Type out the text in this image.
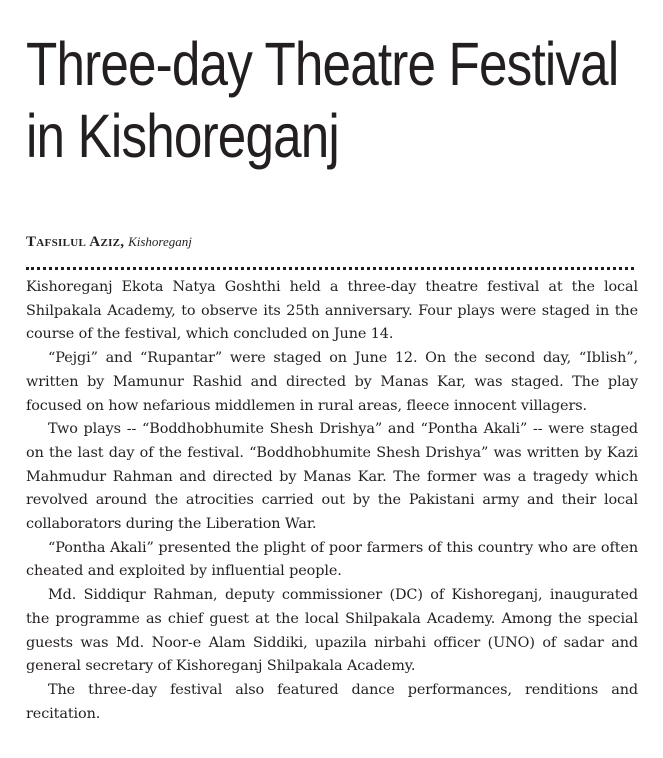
Three-day Theatre Festival
in Kishoreganj
Tafsilul Aziz, Kishoreganj

Kishoreganj Ekota Natya Goshthi held a three-day theatre festival at the local Shilpakala Academy, to observe its 25th anniversary. Four plays were staged in the course of the festival, which concluded on June 14.

“Pejgi” and “Rupantar” were staged on June 12. On the second day, “Iblish”, written by Mamunur Rashid and directed by Manas Kar, was staged. The play focused on how nefarious middlemen in rural areas, fleece innocent villagers.

Two plays -- “Boddhobhumite Shesh Drishya” and “Pontha Akali” -- were staged on the last day of the festival. “Boddhobhumite Shesh Drishya” was written by Kazi Mahmudur Rahman and directed by Manas Kar. The former was a tragedy which revolved around the atrocities carried out by the Pakistani army and their local collaborators during the Liberation War.

“Pontha Akali” presented the plight of poor farmers of this country who are often cheated and exploited by influential people.

Md. Siddiqur Rahman, deputy commissioner (DC) of Kishoreganj, inaugurated the programme as chief guest at the local Shilpakala Academy. Among the special guests was Md. Noor-e Alam Siddiki, upazila nirbahi officer (UNO) of sadar and general secretary of Kishoreganj Shilpakala Academy.

The three-day festival also featured dance performances, renditions and recitation.
